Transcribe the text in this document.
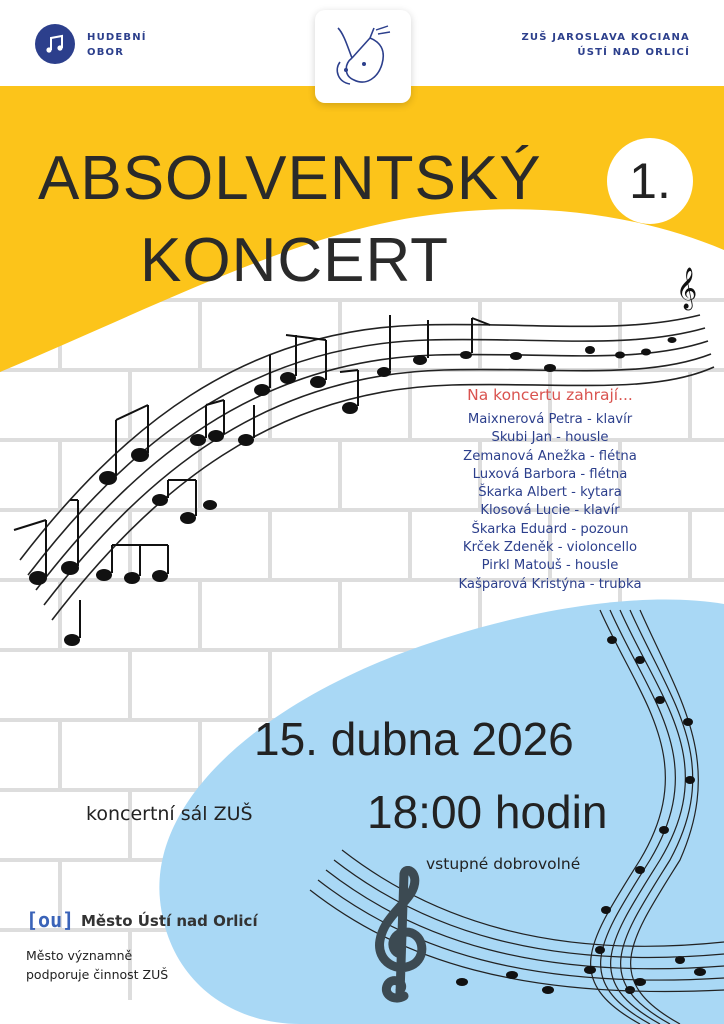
𝄞
HUDEBNÍ
OBOR
ZUŠ JAROSLAVA KOCIANA
ÚSTÍ NAD ORLICÍ
ABSOLVENTSKÝ
KONCERT
1.
Na koncertu zahrají...
Maixnerová Petra - klavír
Skubi Jan - housle
Zemanová Anežka - flétna
Luxová Barbora - flétna
Škarka Albert - kytara
Klosová Lucie - klavír
Škarka Eduard - pozoun
Krček Zdeněk - violoncello
Pirkl Matouš - housle
Kašparová Kristýna - trubka
15. dubna 2026
koncertní sál ZUŠ 18:00 hodin
vstupné dobrovolné
[ou] Město Ústí nad Orlicí
Město významně
podporuje činnost ZUŠ
